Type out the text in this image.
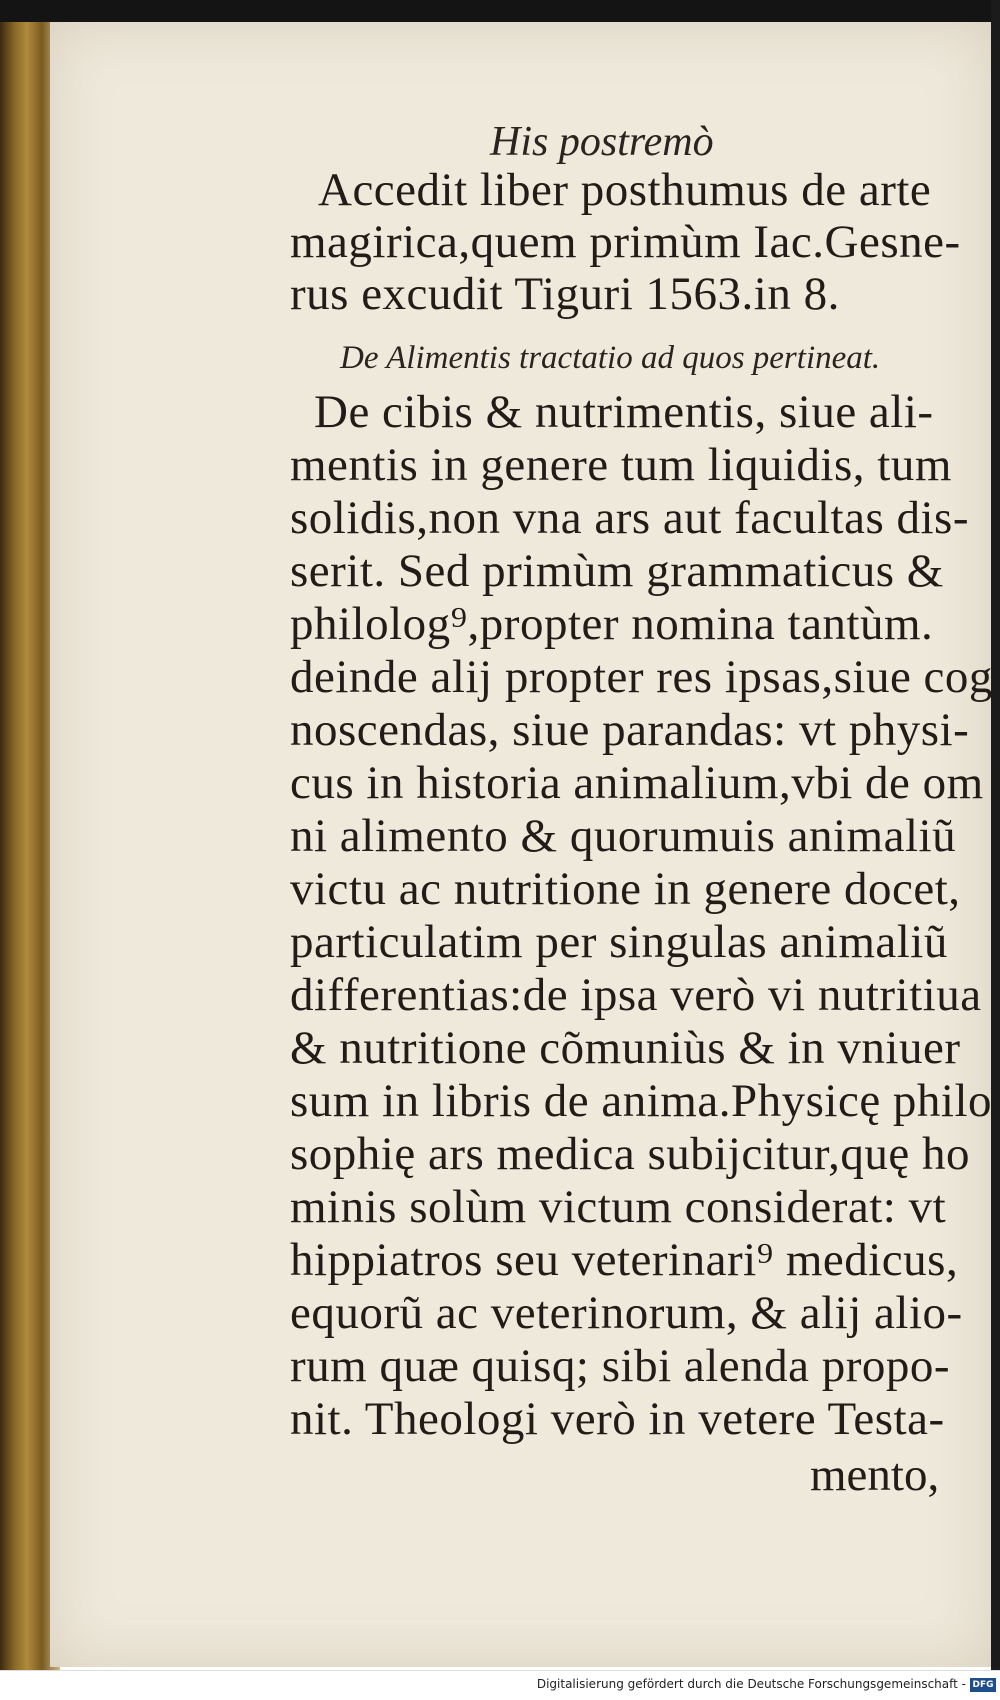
His postremò
Accedit liber posthumus de arte
magirica,quem primùm Iac.Gesne-
rus excudit Tiguri 1563.in 8.
De Alimentis tractatio ad quos pertineat.
De cibis & nutrimentis, siue ali-
mentis in genere tum liquidis, tum
solidis,non vna ars aut facultas dis-
serit. Sed primùm grammaticus &
philolog⁹,propter nomina tantùm.
deinde alij propter res ipsas,siue cog
noscendas, siue parandas: vt physi-
cus in historia animalium,vbi de om
ni alimento & quorumuis animaliũ
victu ac nutritione in genere docet,
particulatim per singulas animaliũ
differentias:de ipsa verò vi nutritiua
& nutritione cõmuniùs & in vniuer
sum in libris de anima.Physicę philo
sophię ars medica subijcitur,quę ho
minis solùm victum considerat: vt
hippiatros seu veterinari⁹ medicus,
equorũ ac veterinorum, & alij alio-
rum quæ quisq; sibi alenda propo-
nit. Theologi verò in vetere Testa-
mento,
Digitalisierung gefördert durch die Deutsche Forschungsgemeinschaft - DFG
